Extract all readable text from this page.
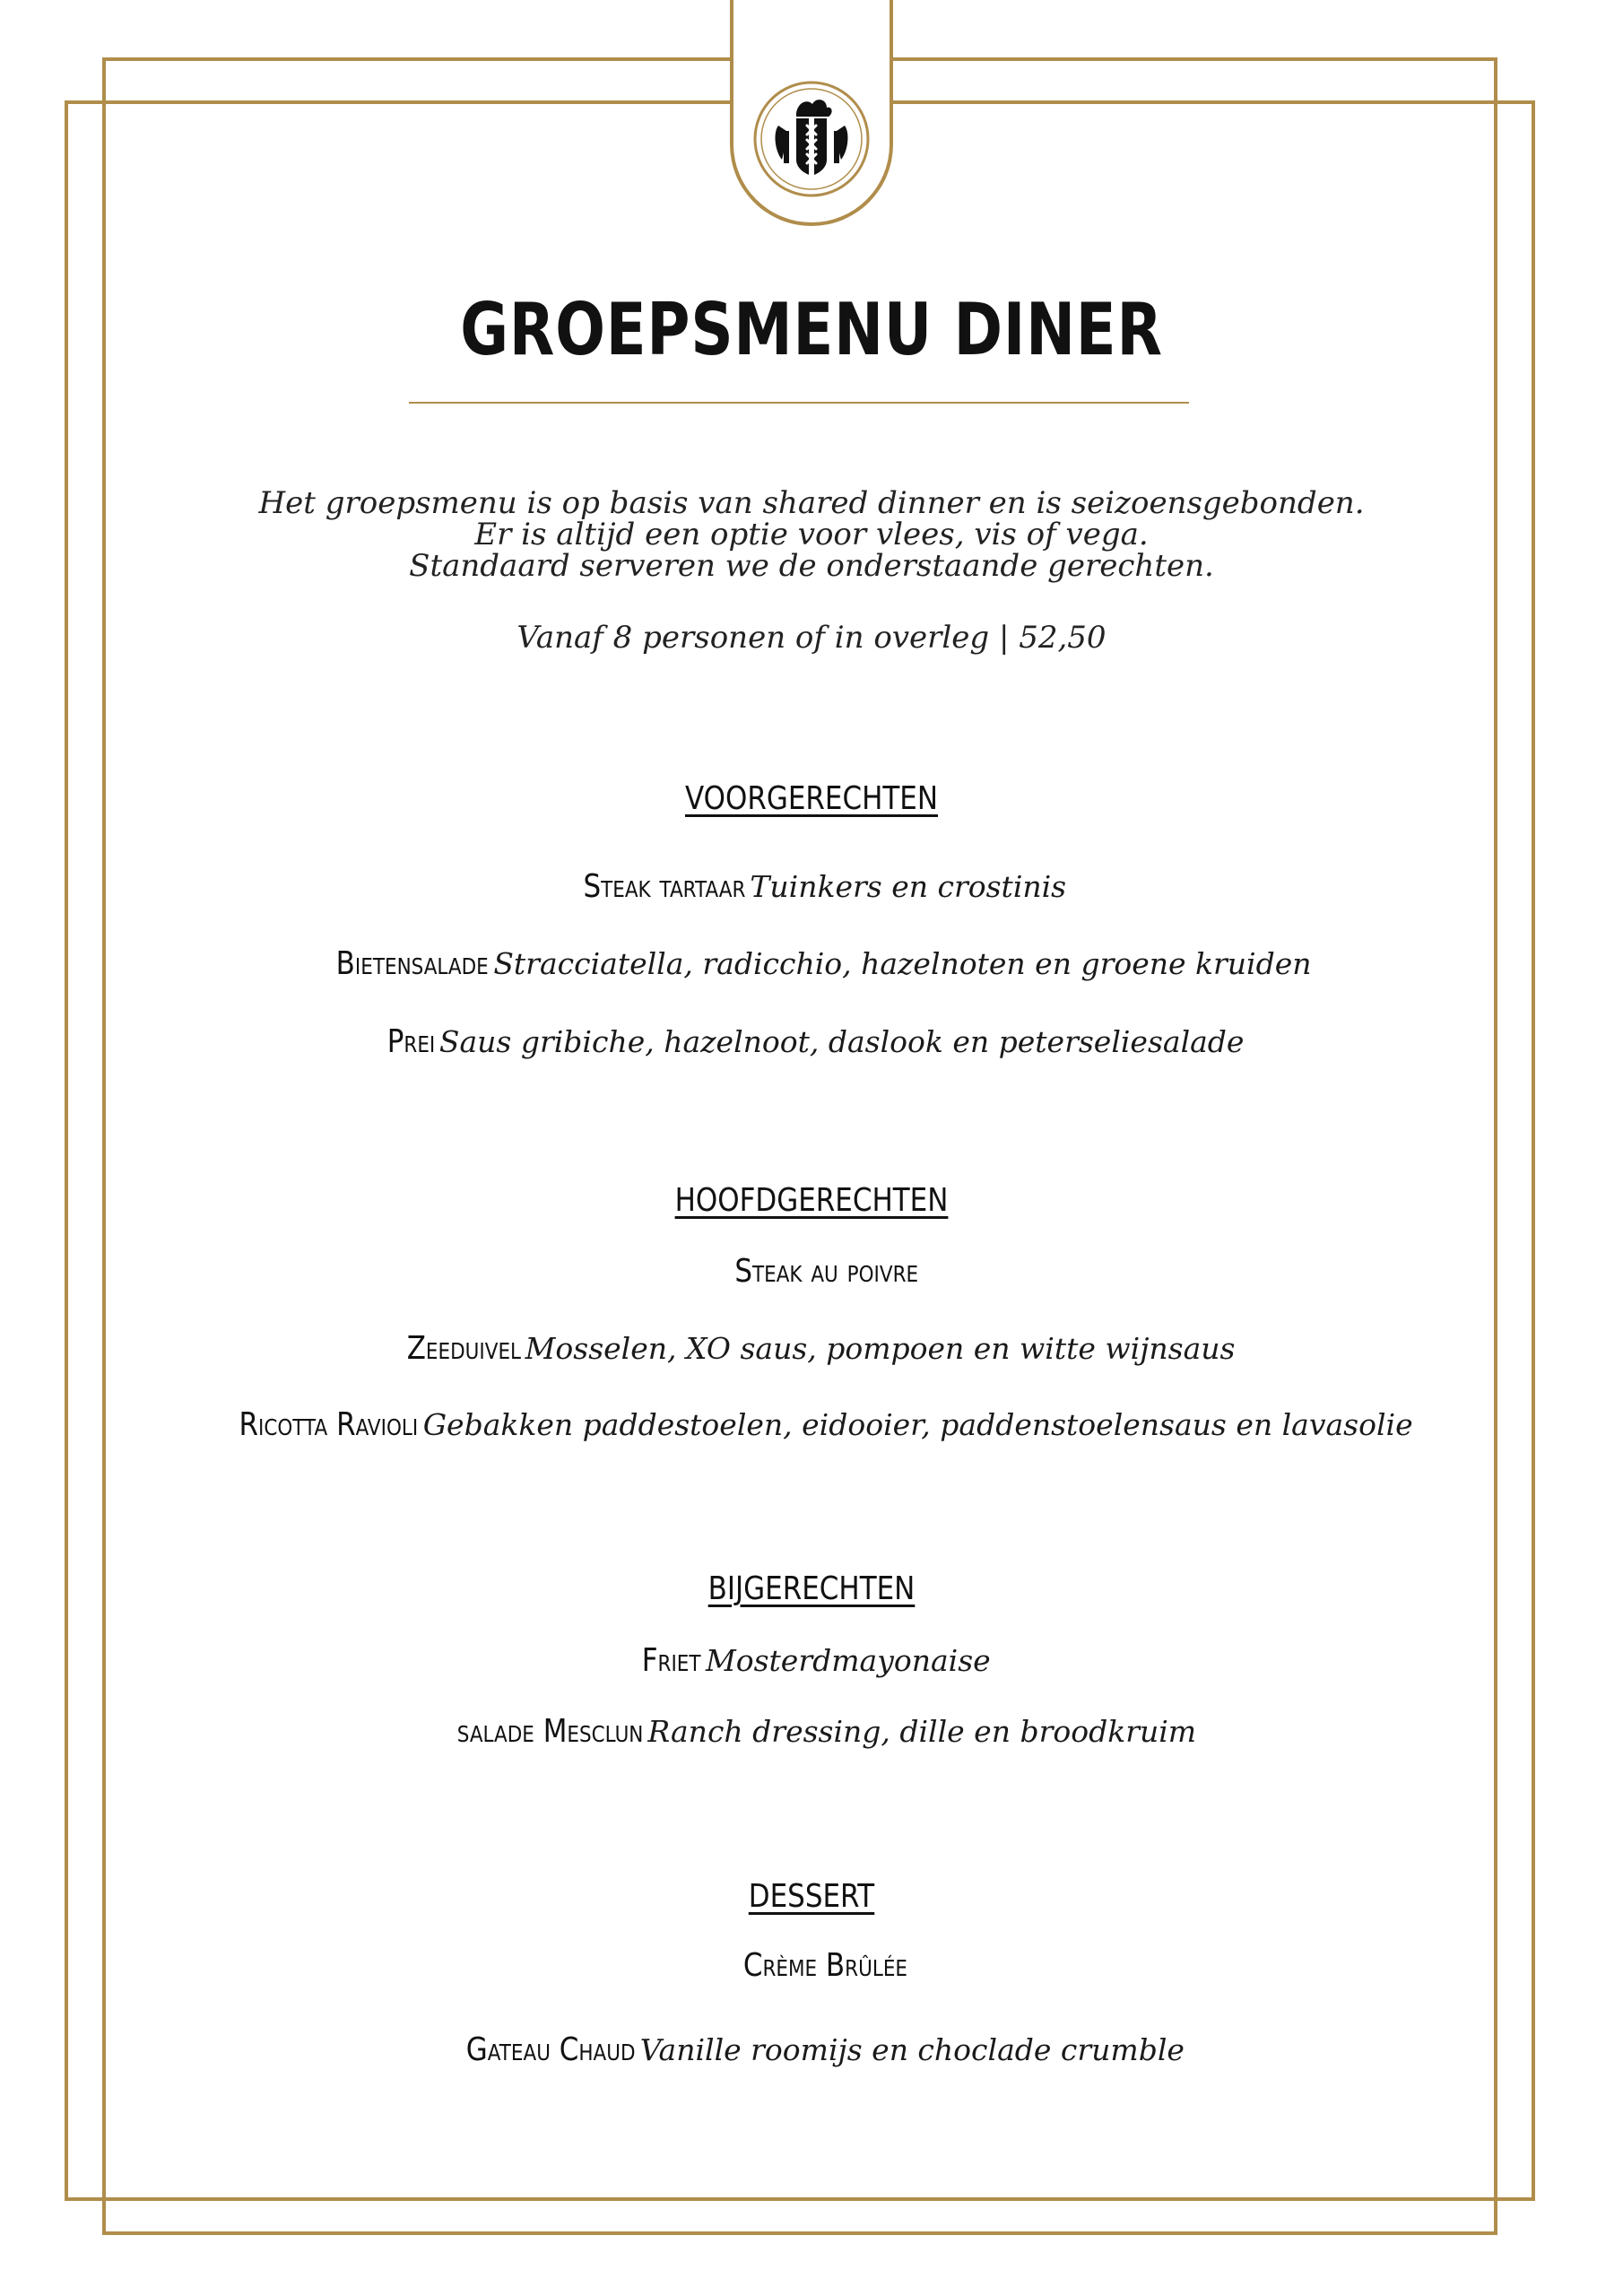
GROEPSMENU DINER
Het groepsmenu is op basis van shared dinner en is seizoensgebonden.
Er is altijd een optie voor vlees, vis of vega.
Standaard serveren we de onderstaande gerechten.
Vanaf 8 personen of in overleg | 52,50
VOORGERECHTEN
Steak tartaar Tuinkers en crostinis
Bietensalade Stracciatella, radicchio, hazelnoten en groene kruiden
Prei Saus gribiche, hazelnoot, daslook en peterseliesalade
HOOFDGERECHTEN
Steak au poivre
Zeeduivel Mosselen, XO saus, pompoen en witte wijnsaus
Ricotta Ravioli Gebakken paddestoelen, eidooier, paddenstoelensaus en lavasolie
BIJGERECHTEN
Friet Mosterdmayonaise
salade Mesclun Ranch dressing, dille en broodkruim
DESSERT
Crème Brûlée
Gateau Chaud Vanille roomijs en choclade crumble
